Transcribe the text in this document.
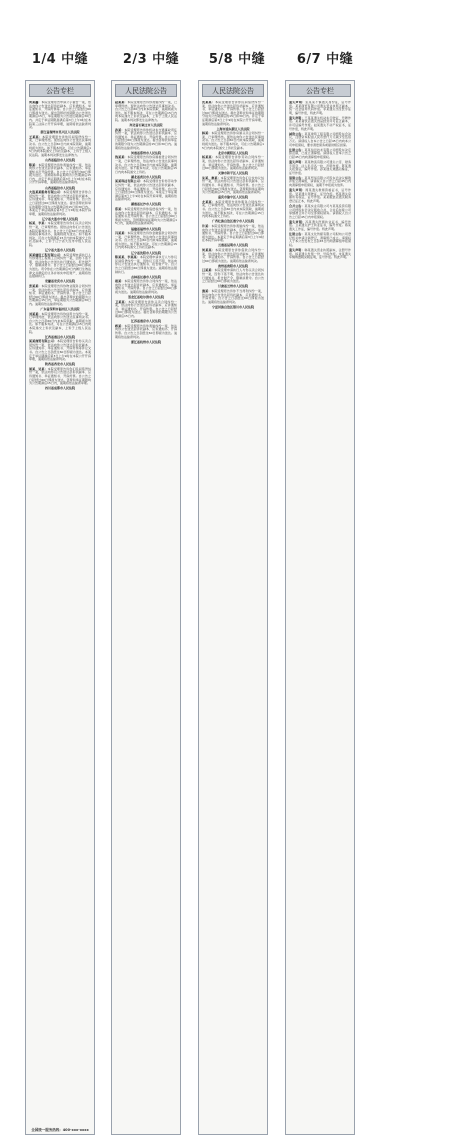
1/4 中缝	2/3 中缝	5/8 中缝	6/7 中缝
公告专栏

何某鑫：本院受理原告申请公示催告一案，依法向你公告送达起诉状副本、应诉通知书、举证通知书、开庭传票等。自公告之日起经过60日即视为送达。提出答辩状的期限为公告送达期满后15日，举证期限为公告送达期满后30日内。并定于举证期限届满后第3日上午9时在本院第三法庭公开开庭审理，逾期将依法缺席判决。

浙江省湖州市吴兴区人民法院

王某某：本院受理原告诉你民间借贷纠纷一案，已审理终结。现依法向你公告送达民事判决书。自公告之日起60日内来本院领取，逾期则视为送达。如不服本判决，可在公告期满后15日内向本院递交上诉状及副本，上诉于上级人民法院。逾期本判决即发生法律效力。

山西省临汾市人民法院

陈某：本院受理原告诉你离婚纠纷一案，依法向你公告送达起诉状副本、应诉通知书、举证通知书及开庭传票。自公告之日起经过60日即视为送达。答辩期和举证期均为公告期满后15日内，并定于举证期满后第3日上午9时在本院公开开庭审理，逾期将依法缺席裁判。

山西省临汾市人民法院

大连某某船务有限公司：本院受理原告诉你合同纠纷一案，依法向你公告送达起诉状副本、应诉通知书、举证通知书、开庭传票。自公告之日起经过60日即视为送达。提出答辩状和举证的期限分别为公告期满后的15日和30日内。本案定于举证期满后第3日上午9时在本院开庭审理，逾期将依法缺席判决。

辽宁省大连市中级人民法院

杨某、李某：本院受理原告诉你们买卖合同纠纷一案，已审理终结。现依法向你们公告送达本院民事判决书。自公告之日起60日内来本院领取民事判决书，逾期则视为送达。如不服本判决，可在公告期满后15日内向本院递交上诉状及副本，上诉于辽宁省大连市中级人民法院。

辽宁省大连市人民法院

某某建设工程有限公司：本院受理申请执行人与你建设工程施工合同纠纷一案，因你下落不明，依法向你公告送达执行通知书、报告财产令、限制消费令。自公告之日起经过60日即视为送达。责令你在公告期满后3日内履行生效法律文书确定的义务并如实申报财产，逾期将依法强制执行。

安徽省安庆市人民法院

张某某：本院受理原告诉你物业服务合同纠纷一案，依法向你公告送达起诉状副本、应诉通知书、举证通知书、开庭传票。自公告之日起经过60日即视为送达。提出答辩状的期限为公告期满后15日内，举证期限为公告期满后30日内。逾期将依法缺席判决。

广东省深圳市福田区人民法院

刘某某：本院受理原告诉你信用卡纠纷一案，已审理终结，依法向你公告送达民事判决书。自公告之日起60日内来本院领取，逾期视为送达。如不服本判决，可在公告期满后15日内向本院递交上诉状及副本，上诉于上级人民法院。

江西省南昌市人民法院

某某商贸有限公司：本院受理原告诉你买卖合同纠纷一案，依法向你公告送达起诉状副本、应诉通知书、举证通知书、开庭传票等诉讼文书。自公告之日起经过60日即视为送达。本案定于举证期满后第3日上午9时在本院公开开庭审理，逾期将依法缺席判决。

陕西省西安市人民法院

周某、吴某：本院受理原告诉你们民间借贷纠纷一案，依法向你们公告送达起诉状副本、应诉通知书、举证通知书、开庭传票。自公告之日起经过60日即视为送达。答辩和举证期限均为公告期满后15日内，逾期将依法缺席审理。

四川省成都市人民法院
全国统一服务热线：400-xxx-xxxx
人民法院公告

赵某某：本院受理原告诉你离婚纠纷一案，已审理终结。现依法向你公告送达民事判决书。自公告之日起60日内来本院领取，逾期则视为送达。如不服本判决，可在公告期满后15日内向本院递交上诉状及副本，上诉于上级人民法院。逾期本判决即发生法律效力。

河北省石家庄市人民法院

孙某：本院受理原告诉你机动车交通事故责任纠纷一案，依法向你公告送达起诉状副本、应诉通知书、举证通知书、开庭传票。自公告之日起经过60日即视为送达。提出答辩状和举证的期限分别为公告期满后的15日和30日内。逾期将依法缺席判决。

河南省郑州市人民法院

钱某某：本院受理原告诉你房屋租赁合同纠纷一案，已审理终结，依法向你公告送达民事判决书。自公告之日起60日内来本院领取，逾期视为送达。如不服本判决，可在公告期满后15日内向本院递交上诉状。

湖北省武汉市人民法院

某某科技有限公司：本院受理原告诉你劳动争议纠纷一案，依法向你公告送达起诉状副本、应诉通知书、举证通知书、开庭传票。自公告之日起经过60日即视为送达。本案定于举证期满后第3日上午9时在本院开庭审理，逾期将依法缺席判决。

湖南省长沙市人民法院

郑某：本院受理原告诉你追偿权纠纷一案，依法向你公告送达起诉状副本、应诉通知书、举证通知书及开庭传票。自公告之日起经过60日即视为送达。答辩期和举证期均为公告期满后15日内，逾期将依法缺席裁判。

福建省福州市人民法院

冯某某：本院受理原告诉你金融借款合同纠纷一案，已审理终结，依法向你公告送达民事判决书。自公告之日起60日内来本院领取，逾期视为送达。如不服本判决，可在公告期满后15日内向本院递交上诉状及副本。

辽宁省沈阳市人民法院

陈某某、李某某：本院受理申请执行人与你们民间借贷纠纷一案，因你们下落不明，依法向你们公告送达执行通知书、报告财产令。自公告之日起经过60日即视为送达。逾期将依法强制执行。

吉林省长春市人民法院

褚某：本院受理原告诉你合同纠纷一案，依法向你公告送达起诉状副本、应诉通知书、举证通知书、开庭传票。自公告之日起经过60日即视为送达。逾期将依法缺席判决。

黑龙江省哈尔滨市人民法院

卫某某：本院受理原告诉你买卖合同纠纷一案，依法向你公告送达起诉状副本、应诉通知书、举证通知书、开庭传票。自公告之日起经过60日即视为送达。提出答辩状的期限为公告期满后15日内。

江苏省南京市人民法院

蒋某：本院受理原告诉你离婚纠纷一案，依法向你公告送达起诉状副本、应诉通知书、开庭传票。自公告之日起经过60日即视为送达。逾期将依法缺席判决。

浙江省杭州市人民法院
人民法院公告

沈某某：本院受理原告诉你民间借贷纠纷一案，依法向你公告送达起诉状副本、应诉通知书、举证通知书、开庭传票。自公告之日起经过60日即视为送达。提出答辩状和举证的期限分别为公告期满后的15日和30日内。并定于举证期满后第3日上午9时在本院公开开庭审理，逾期将依法缺席判决。

上海市浦东新区人民法院

韩某：本院受理原告诉你房屋买卖合同纠纷一案，已审理终结。现依法向你公告送达民事判决书。自公告之日起60日内来本院领取，逾期则视为送达。如不服本判决，可在公告期满后15日内向本院递交上诉状及副本。

北京市朝阳区人民法院

杨某某：本院受理原告诉你劳动合同纠纷一案，依法向你公告送达起诉状副本、应诉通知书、举证通知书、开庭传票。自公告之日起经过60日即视为送达。逾期将依法缺席判决。

天津市和平区人民法院

朱某、秦某：本院受理原告诉你们合伙协议纠纷一案，依法向你们公告送达起诉状副本、应诉通知书、举证通知书、开庭传票。自公告之日起经过60日即视为送达。答辩期和举证期均为公告期满后15日内，逾期将依法缺席裁判。

重庆市渝中区人民法院

尤某某：本院受理原告诉你服务合同纠纷一案，已审理终结，依法向你公告送达民事判决书。自公告之日起60日内来本院领取，逾期视为送达。如不服本判决，可在公告期满后15日内向本院递交上诉状。

广西壮族自治区南宁市人民法院

许某：本院受理原告诉你离婚纠纷一案，依法向你公告送达起诉状副本、应诉通知书、举证通知书、开庭传票。自公告之日起经过60日即视为送达。本案定于举证期满后第3日上午9时在本院开庭审理。

云南省昆明市人民法院

何某某：本院受理原告诉你借款合同纠纷一案，依法向你公告送达起诉状副本、应诉通知书、举证通知书、开庭传票。自公告之日起经过60日即视为送达。逾期将依法缺席判决。

贵州省贵阳市人民法院

吕某某：本院受理申请执行人与你买卖合同纠纷一案，因你下落不明，依法向你公告送达执行通知书、报告财产令、限制消费令。自公告之日起经过60日即视为送达。

甘肃省兰州市人民法院

施某：本院受理原告诉你不当得利纠纷一案，依法向你公告送达起诉状副本、应诉通知书、开庭传票。自公告之日起经过60日即视为送达。逾期将依法缺席判决。

宁夏回族自治区银川市人民法院
公告专栏

遗失声明：张某某不慎遗失身份证，证号作废。某某商贸有限公司遗失营业执照正副本，统一社会信用代码作废。李某遗失出生医学证明，编号作废，特此声明。

遗失声明：王某某遗失机动车行驶证，号牌作废。某某餐饮店遗失食品经营许可证正副本，许可证编号作废。赵某遗失不动产权证书，证号作废，特此声明。

减资公告：某某建筑工程有限公司经股东会决议，注册资本拟由人民币壹仟万元减少至伍佰万元。请债权人自本公告之日起45日内向本公司申报债权，要求清偿债务或提供相应担保。

注销公告：某某信息技术有限公司经股东决定拟注销，已成立清算组。请债权人自本公告之日起45日内向清算组申报债权。

遗失声明：某某物流有限公司遗失公章、财务专用章、法人私章各一枚，声明作废。陈某遗失报到证，编号作废。孙某遗失道路运输证，证号作废。

清算公告：某某贸易有限公司股东会决议解散并成立清算组，请债权人自公告之日起45日内向清算组申报债权，逾期不申报视为放弃。

遗失声明：周某遗失教师资格证书，证号作废。吴某遗失驾驶证，证号作废。郑某遗失房屋所有权证，证号作废。某某服装店遗失税务登记证正本，特此声明。

合并公告：某某实业有限公司与某某投资有限公司经股东会决议吸收合并，合并后存续公司承继被合并公司全部债权债务。请债权人自公告之日起45日内申报债权。

遗失声明：冯某遗失医师执业证书，编号作废。卫某遗失护士执业证书，编号作废。蒋某遗失工作证，编号作废。特此声明。

注销公告：某某文化传媒有限公司拟向公司登记机关申请注销登记，清算组已成立。请债权人于本公告发布之日起45日内向清算组申报债权。

遗失声明：韩某遗失营业执照副本，注册号作废。杨某遗失发票一份，号码作废。朱某遗失车辆购置税完税证明，证号作废。特此声明。
